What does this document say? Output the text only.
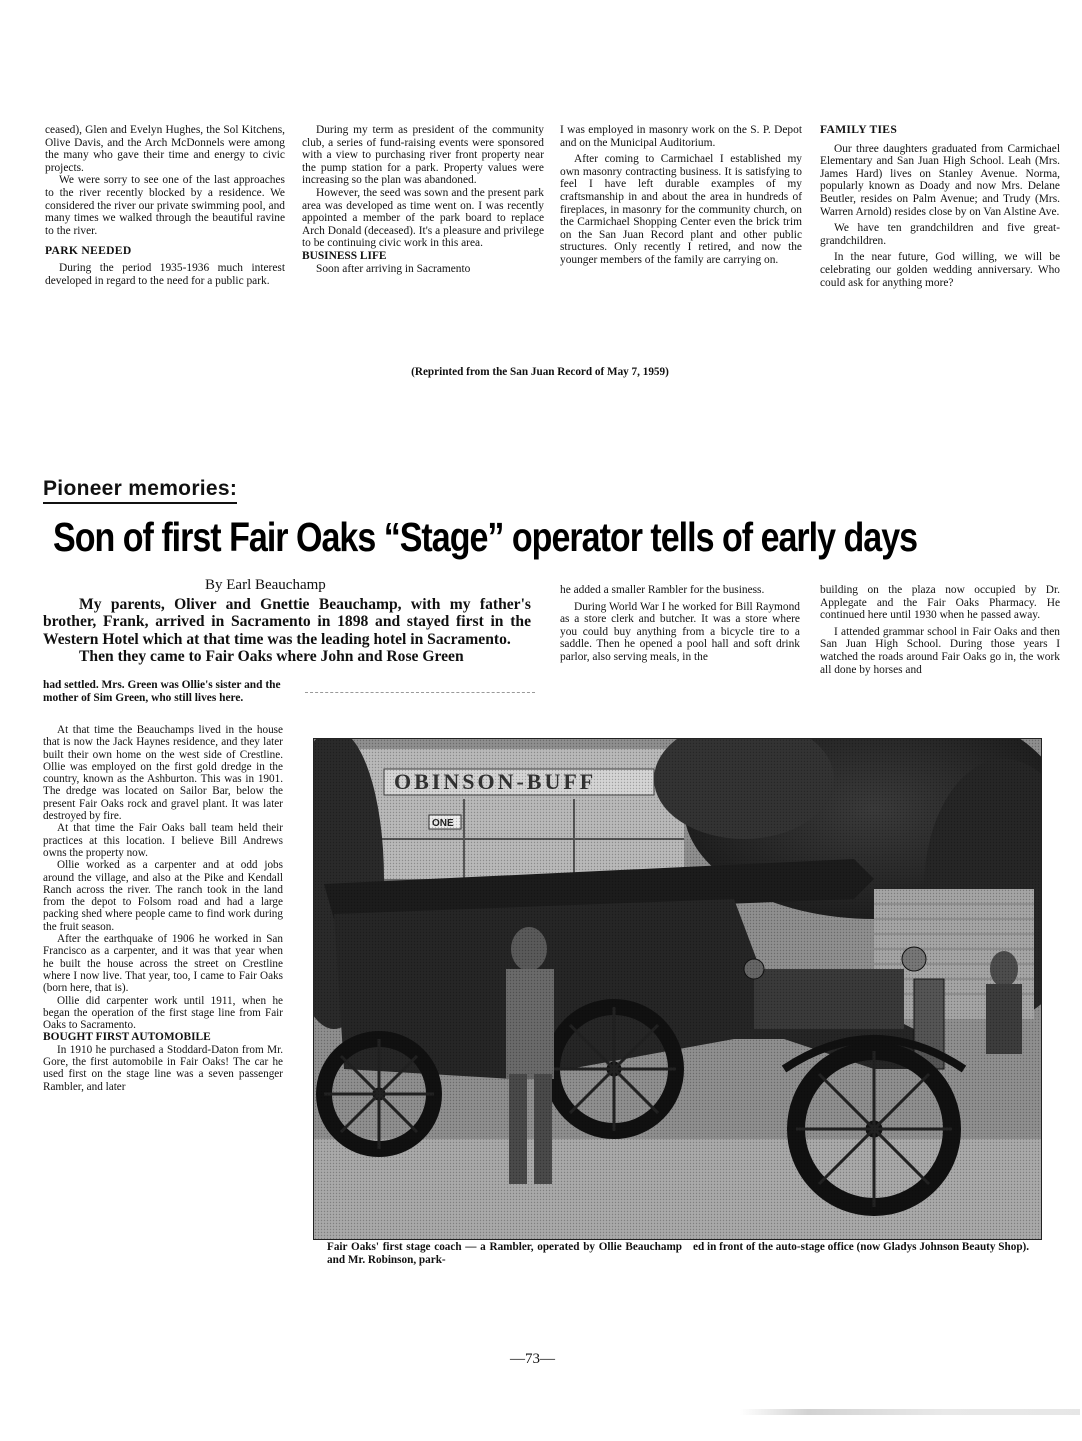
ceased), Glen and Evelyn Hughes, the Sol Kitchens, Olive Davis, and the Arch McDonnels were among the many who gave their time and energy to civic projects.

We were sorry to see one of the last approaches to the river recently blocked by a residence. We considered the river our private swimming pool, and many times we walked through the beautiful ravine to the river.

PARK NEEDED

During the period 1935-1936 much interest developed in regard to the need for a public park.

During my term as president of the community club, a series of fund-raising events were sponsored with a view to purchasing river front property near the pump station for a park. Property values were increasing so the plan was abandoned.

However, the seed was sown and the present park area was developed as time went on. I was recently appointed a member of the park board to replace Arch Donald (deceased). It's a pleasure and privilege to be continuing civic work in this area.

BUSINESS LIFE

Soon after arriving in Sacramento

I was employed in masonry work on the S. P. Depot and on the Municipal Auditorium.

After coming to Carmichael I established my own masonry contracting business. It is satisfying to feel I have left durable examples of my craftsmanship in and about the area in hundreds of fireplaces, in masonry for the community church, on the Carmichael Shopping Center even the brick trim on the San Juan Record plant and other public structures. Only recently I retired, and now the younger members of the family are carrying on.

FAMILY TIES

Our three daughters graduated from Carmichael Elementary and San Juan High School. Leah (Mrs. James Hard) lives on Stanley Avenue. Norma, popularly known as Doady and now Mrs. Delane Beutler, resides on Palm Avenue; and Trudy (Mrs. Warren Arnold) resides close by on Van Alstine Ave.

We have ten grandchildren and five great-grandchildren.

In the near future, God willing, we will be celebrating our golden wedding anniversary. Who could ask for anything more?

(Reprinted from the San Juan Record of May 7, 1959)
Pioneer memories:
Son of first Fair Oaks “Stage” operator tells of early days
By Earl Beauchamp

My parents, Oliver and Gnettie Beauchamp, with my father's brother, Frank, arrived in Sacramento in 1898 and stayed first in the Western Hotel which at that time was the leading hotel in Sacramento.

Then they came to Fair Oaks where John and Rose Green

had settled. Mrs. Green was Ollie's sister and the mother of Sim Green, who still lives here.

At that time the Beauchamps lived in the house that is now the Jack Haynes residence, and they later built their own home on the west side of Crestline. Ollie was employed on the first gold dredge in the country, known as the Ashburton. This was in 1901. The dredge was located on Sailor Bar, below the present Fair Oaks rock and gravel plant. It was later destroyed by fire.

At that time the Fair Oaks ball team held their practices at this location. I believe Bill Andrews owns the property now.

Ollie worked as a carpenter and at odd jobs around the village, and also at the Pike and Kendall Ranch across the river. The ranch took in the land from the depot to Folsom road and had a large packing shed where people came to find work during the fruit season.

After the earthquake of 1906 he worked in San Francisco as a carpenter, and it was that year when he built the house across the street on Crestline where I now live. That year, too, I came to Fair Oaks (born here, that is).

Ollie did carpenter work until 1911, when he began the operation of the first stage line from Fair Oaks to Sacramento.

BOUGHT FIRST AUTOMOBILE

In 1910 he purchased a Stoddard-Daton from Mr. Gore, the first automobile in Fair Oaks! The car he used first on the stage line was a seven passenger Rambler, and later

he added a smaller Rambler for the business.

During World War I he worked for Bill Raymond as a store clerk and butcher. It was a store where you could buy anything from a bicycle tire to a saddle. Then he opened a pool hall and soft drink parlor, also serving meals, in the

building on the plaza now occupied by Dr. Applegate and the Fair Oaks Pharmacy. He continued here until 1930 when he passed away.

I attended grammar school in Fair Oaks and then San Juan High School. During those years I watched the roads around Fair Oaks go in, the work all done by horses and

Fair Oaks' first stage coach — a Rambler, operated by Ollie Beauchamp and Mr. Robinson, park-
ed in front of the auto-stage office (now Gladys Johnson Beauty Shop).
—73—
